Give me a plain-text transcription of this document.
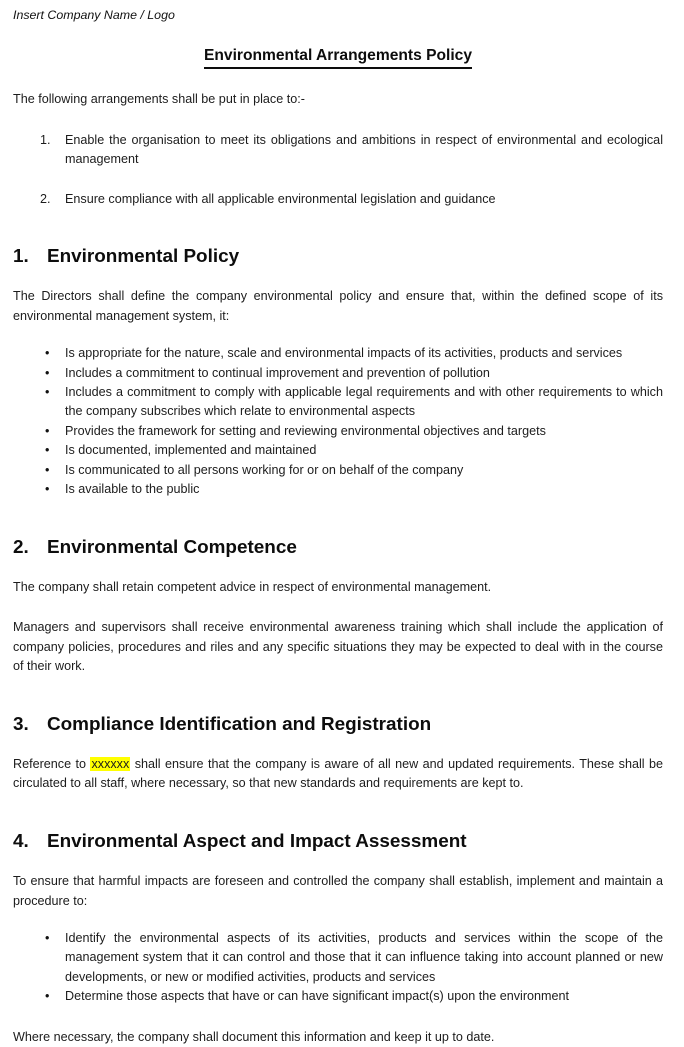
Insert Company Name / Logo
Environmental Arrangements Policy

The following arrangements shall be put in place to:-

1.	Enable the organisation to meet its obligations and ambitions in respect of environmental and ecological management
2.	Ensure compliance with all applicable environmental legislation and guidance
1. Environmental Policy

The Directors shall define the company environmental policy and ensure that, within the defined scope of its environmental management system, it:

• Is appropriate for the nature, scale and environmental impacts of its activities, products and services
• Includes a commitment to continual improvement and prevention of pollution
• Includes a commitment to comply with applicable legal requirements and with other requirements to which the company subscribes which relate to environmental aspects
• Provides the framework for setting and reviewing environmental objectives and targets
• Is documented, implemented and maintained
• Is communicated to all persons working for or on behalf of the company
• Is available to the public
2. Environmental Competence

The company shall retain competent advice in respect of environmental management.

Managers and supervisors shall receive environmental awareness training which shall include the application of company policies, procedures and riles and any specific situations they may be expected to deal with in the course of their work.

3. Compliance Identification and Registration

Reference to xxxxxx shall ensure that the company is aware of all new and updated requirements. These shall be circulated to all staff, where necessary, so that new standards and requirements are kept to.

4. Environmental Aspect and Impact Assessment

To ensure that harmful impacts are foreseen and controlled the company shall establish, implement and maintain a procedure to:

• Identify the environmental aspects of its activities, products and services within the scope of the management system that it can control and those that it can influence taking into account planned or new developments, or new or modified activities, products and services
• Determine those aspects that have or can have significant impact(s) upon the environment

Where necessary, the company shall document this information and keep it up to date.
